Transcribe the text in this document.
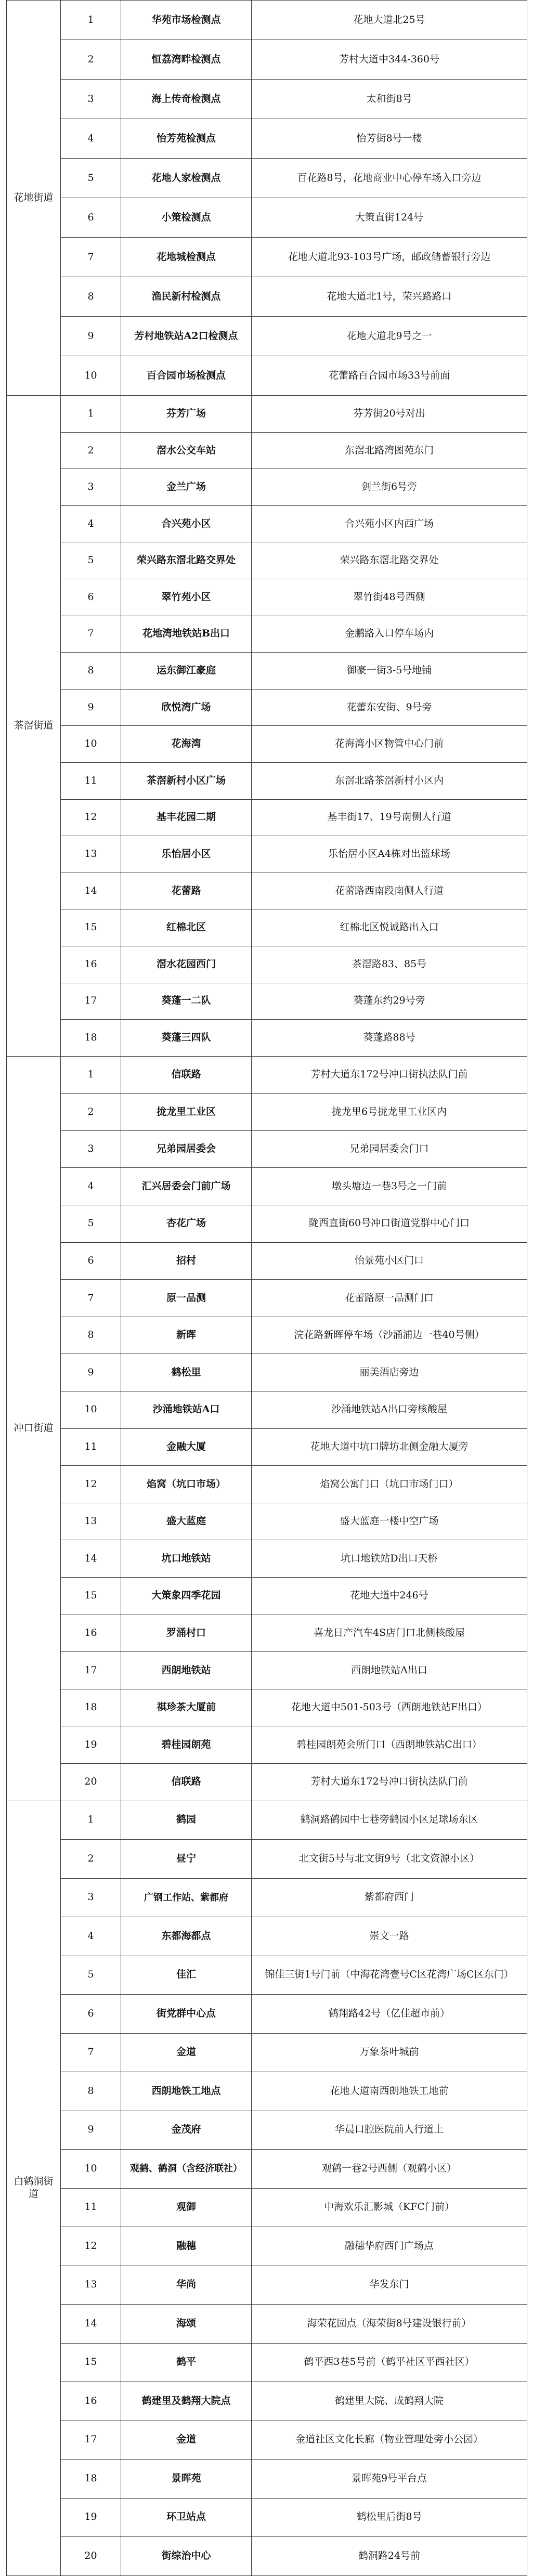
花地街道	1	华苑市场检测点	花地大道北25号
	2	恒荔湾畔检测点	芳村大道中344-360号
	3	海上传奇检测点	太和街8号
	4	怡芳苑检测点	怡芳街8号一楼
	5	花地人家检测点	百花路8号，花地商业中心停车场入口旁边
	6	小策检测点	大策直街124号
	7	花地城检测点	花地大道北93-103号广场，邮政储蓄银行旁边
	8	渔民新村检测点	花地大道北1号，荣兴路路口
	9	芳村地铁站A2口检测点	花地大道北9号之一
	10	百合园市场检测点	花蕾路百合园市场33号前面
茶滘街道	1	芬芳广场	芬芳街20号对出
	2	滘水公交车站	东滘北路湾图苑东门
	3	金兰广场	剑兰街6号旁
	4	合兴苑小区	合兴苑小区内西广场
	5	荣兴路东滘北路交界处	荣兴路东滘北路交界处
	6	翠竹苑小区	翠竹街48号西侧
	7	花地湾地铁站B出口	金鹏路入口停车场内
	8	运东御江豪庭	御豪一街3-5号地铺
	9	欣悦湾广场	花蕾东安街、9号旁
	10	花海湾	花海湾小区物管中心门前
	11	茶滘新村小区广场	东滘北路茶滘新村小区内
	12	基丰花园二期	基丰街17、19号南侧人行道
	13	乐怡居小区	乐怡居小区A4栋对出篮球场
	14	花蕾路	花蕾路西南段南侧人行道
	15	红棉北区	红棉北区悦诚路出入口
	16	滘水花园西门	茶滘路83、85号
	17	葵蓬一二队	葵蓬东约29号旁
	18	葵蓬三四队	葵蓬路88号
冲口街道	1	信联路	芳村大道东172号冲口街执法队门前
	2	拢龙里工业区	拢龙里6号拢龙里工业区内
	3	兄弟园居委会	兄弟园居委会门口
	4	汇兴居委会门前广场	墩头塘边一巷3号之一门前
	5	杏花广场	陇西直街60号冲口街道党群中心门口
	6	招村	怡景苑小区门口
	7	原一品测	花蕾路原一品测门口
	8	新晖	浣花路新晖停车场（沙涌浦边一巷40号侧）
	9	鹤松里	丽美酒店旁边
	10	沙涌地铁站A口	沙涌地铁站A出口旁核酸屋
	11	金融大厦	花地大道中坑口牌坊北侧金融大厦旁
	12	焰窝（坑口市场）	焰窝公寓门口（坑口市场门口）
	13	盛大蓝庭	盛大蓝庭一楼中空广场
	14	坑口地铁站	坑口地铁站D出口天桥
	15	大策象四季花园	花地大道中246号
	16	罗涌村口	喜龙日产汽车4S店门口北侧核酸屋
	17	西朗地铁站	西朗地铁站A出口
	18	祺珍茶大厦前	花地大道中501-503号（西朗地铁站F出口）
	19	碧桂园朗苑	碧桂园朗苑会所门口（西朗地铁站C出口）
	20	信联路	芳村大道东172号冲口街执法队门前
白鹤洞街道	1	鹤园	鹤洞路鹤园中七巷旁鹤园小区足球场东区
	2	昼宁	北文街5号与北文街9号（北文资源小区）
	3	广钢工作站、紫都府	紫都府西门
	4	东都海都点	崇文一路
	5	佳汇	锦佳三街1号门前（中海花湾壹号C区花湾广场C区东门）
	6	街党群中心点	鹤翔路42号（亿佳超市前）
	7	金道	万象茶叶城前
	8	西朗地铁工地点	花地大道南西朗地铁工地前
	9	金茂府	华晨口腔医院前人行道上
	10	观鹤、鹤洞（含经济联社）	观鹤一巷2号西侧（观鹤小区）
	11	观御	中海欢乐汇影城（KFC门前）
	12	融穗	融穗华府西门广场点
	13	华尚	华发东门
	14	海颂	海荣花园点（海荣街8号建设银行前）
	15	鹤平	鹤平西3巷5号前（鹤平社区平西社区）
	16	鹤建里及鹤翔大院点	鹤建里大院、成鹤翔大院
	17	金道	金道社区文化长廊（物业管理处旁小公园）
	18	景晖苑	景晖苑9号平台点
	19	环卫站点	鹤松里后街8号
	20	街综治中心	鹤洞路24号前
